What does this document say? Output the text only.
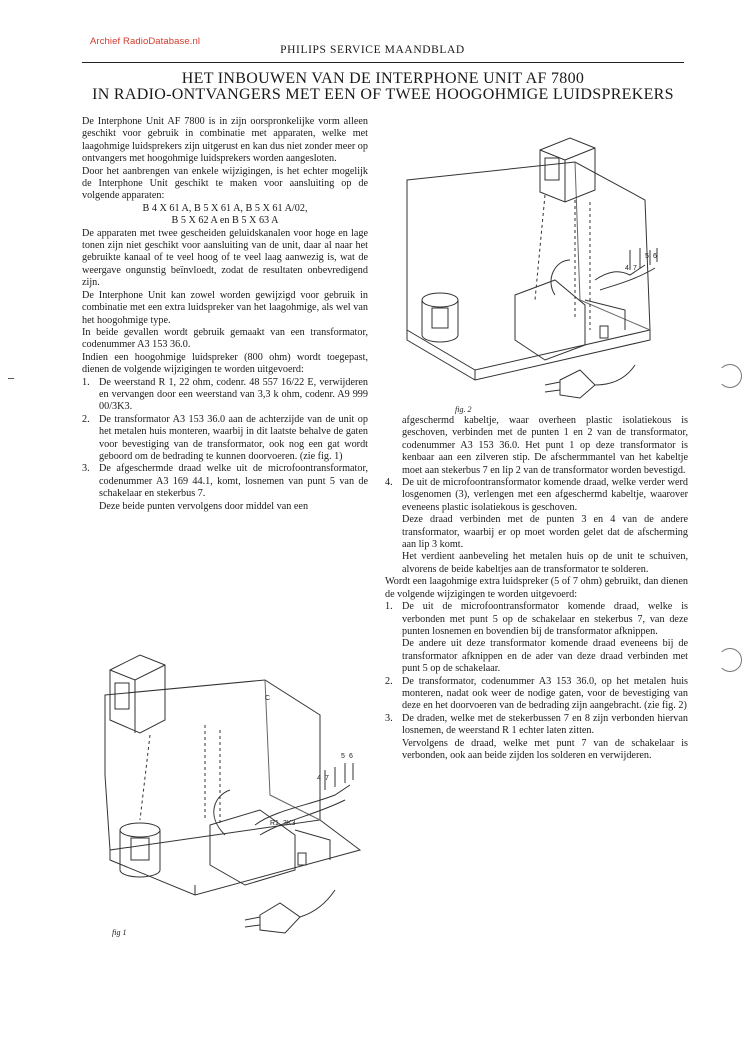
Archief RadioDatabase.nl
PHILIPS SERVICE MAANDBLAD
HET INBOUWEN VAN DE INTERPHONE UNIT AF 7800
IN RADIO-ONTVANGERS MET EEN OF TWEE HOOGOHMIGE LUIDSPREKERS

De Interphone Unit AF 7800 is in zijn oorspronkelijke vorm alleen geschikt voor gebruik in combinatie met apparaten, welke met laagohmige luidsprekers zijn uitgerust en kan dus niet zonder meer op ontvangers met hoogohmige luidsprekers worden aangesloten.

Door het aanbrengen van enkele wijzigingen, is het echter mogelijk de Interphone Unit geschikt te maken voor aansluiting op de volgende apparaten:

B 4 X 61 A, B 5 X 61 A, B 5 X 61 A/02,

B 5 X 62 A en B 5 X 63 A

De apparaten met twee gescheiden geluidskanalen voor hoge en lage tonen zijn niet geschikt voor aansluiting van de unit, daar al naar het gebruikte kanaal of te veel hoog of te veel laag aanwezig is, wat de weergave ongunstig beïnvloedt, zodat de resultaten onbevredigend zijn.

De Interphone Unit kan zowel worden gewijzigd voor gebruik in combinatie met een extra luidspreker van het laagohmige, als wel van het hoogohmige type.

In beide gevallen wordt gebruik gemaakt van een transformator, codenummer A3 153 36.0.

Indien een hoogohmige luidspreker (800 ohm) wordt toegepast, dienen de volgende wijzigingen te worden uitgevoerd:

1. De weerstand R 1, 22 ohm, codenr. 48 557 16/22 E, verwijderen en vervangen door een weerstand van 3,3 k ohm, codenr. A9 999 00/3K3.
2. De transformator A3 153 36.0 aan de achterzijde van de unit op het metalen huis monteren, waarbij in dit laatste behalve de gaten voor bevestiging van de transformator, ook nog een gat wordt geboord om de bedrading te kunnen doorvoeren. (zie fig. 1)
3. De afgeschermde draad welke uit de microfoontransformator, codenummer A3 169 44.1, komt, losnemen van punt 5 van de schakelaar en stekerbus 7.

Deze beide punten vervolgens door middel van een

5 6
4 7
fig. 2

afgeschermd kabeltje, waar overheen plastic isolatiekous is geschoven, verbinden met de punten 1 en 2 van de transformator, codenummer A3 153 36.0. Het punt 1 op deze transformator is kenbaar aan een zilveren stip. De afschermmantel van het kabeltje moet aan stekerbus 7 en lip 2 van de transformator worden bevestigd.

4. De uit de microfoontransformator komende draad, welke verder werd losgenomen (3), verlengen met een afgeschermd kabeltje, waarover eveneens plastic isolatiekous is geschoven.

Deze draad verbinden met de punten 3 en 4 van de andere transformator, waarbij er op moet worden gelet dat de afscherming aan lip 3 komt.

Het verdient aanbeveling het metalen huis op de unit te schuiven, alvorens de beide kabeltjes aan de transformator te solderen.

Wordt een laagohmige extra luidspreker (5 of 7 ohm) gebruikt, dan dienen de volgende wijzigingen te worden uitgevoerd:

1. De uit de microfoontransformator komende draad, welke is verbonden met punt 5 op de schakelaar en stekerbus 7, van deze punten losnemen en bovendien bij de transformator afknippen.

De andere uit deze transformator komende draad eveneens bij de transformator afknippen en de ader van deze draad verbinden met punt 5 op de schakelaar.

2. De transformator, codenummer A3 153 36.0, op het metalen huis monteren, nadat ook weer de nodige gaten, voor de bevestiging van deze en het doorvoeren van de bedrading zijn aangebracht. (zie fig. 2)
3. De draden, welke met de stekerbussen 7 en 8 zijn verbonden hiervan losnemen, de weerstand R 1 echter laten zitten.

Vervolgens de draad, welke met punt 7 van de schakelaar is verbonden, ook aan beide zijden los solderen en verwijderen.

5 6
4 7
R1 3K3
C
fig 1
